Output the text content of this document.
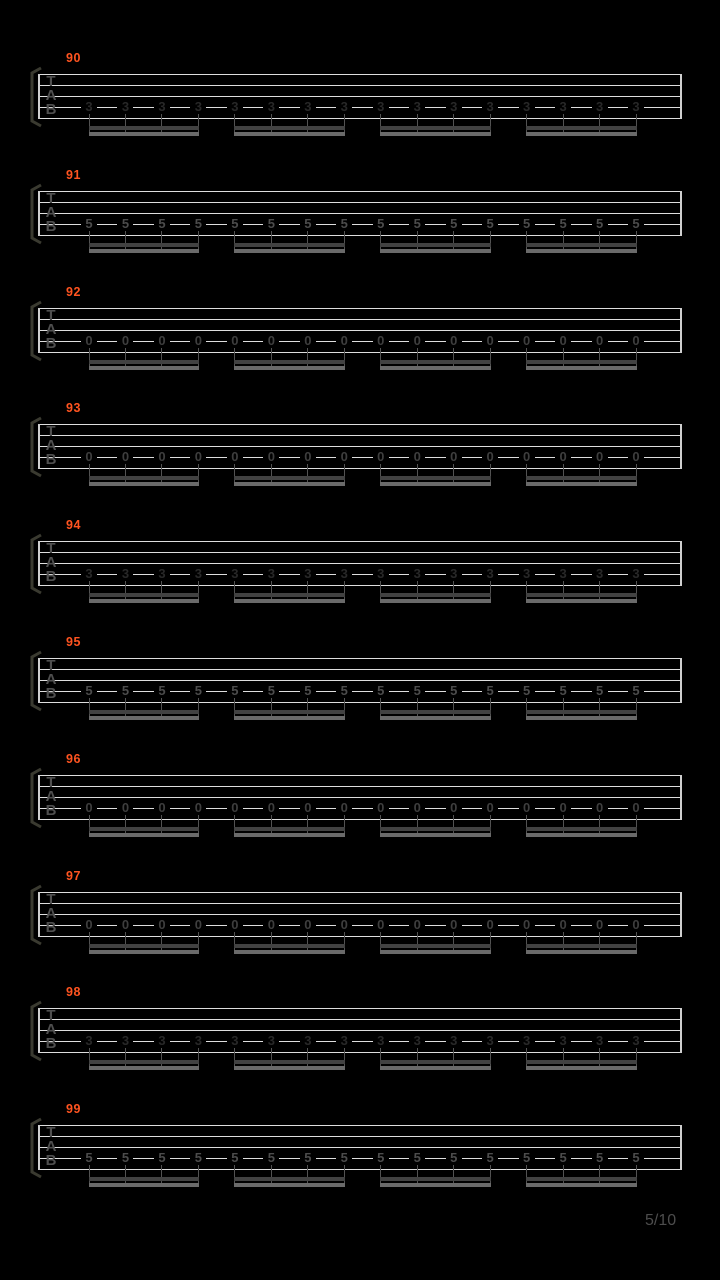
T
A
B
90
3	3	3	3	3	3	3	3	3	3	3	3	3	3	3	3
T
A
B
91
5	5	5	5	5	5	5	5	5	5	5	5	5	5	5	5
T
A
B
92
0	0	0	0	0	0	0	0	0	0	0	0	0	0	0	0
T
A
B
93
0	0	0	0	0	0	0	0	0	0	0	0	0	0	0	0
T
A
B
94
3	3	3	3	3	3	3	3	3	3	3	3	3	3	3	3
T
A
B
95
5	5	5	5	5	5	5	5	5	5	5	5	5	5	5	5
T
A
B
96
0	0	0	0	0	0	0	0	0	0	0	0	0	0	0	0
T
A
B
97
0	0	0	0	0	0	0	0	0	0	0	0	0	0	0	0
T
A
B
98
3	3	3	3	3	3	3	3	3	3	3	3	3	3	3	3
T
A
B
99
5	5	5	5	5	5	5	5	5	5	5	5	5	5	5	5
5/10
